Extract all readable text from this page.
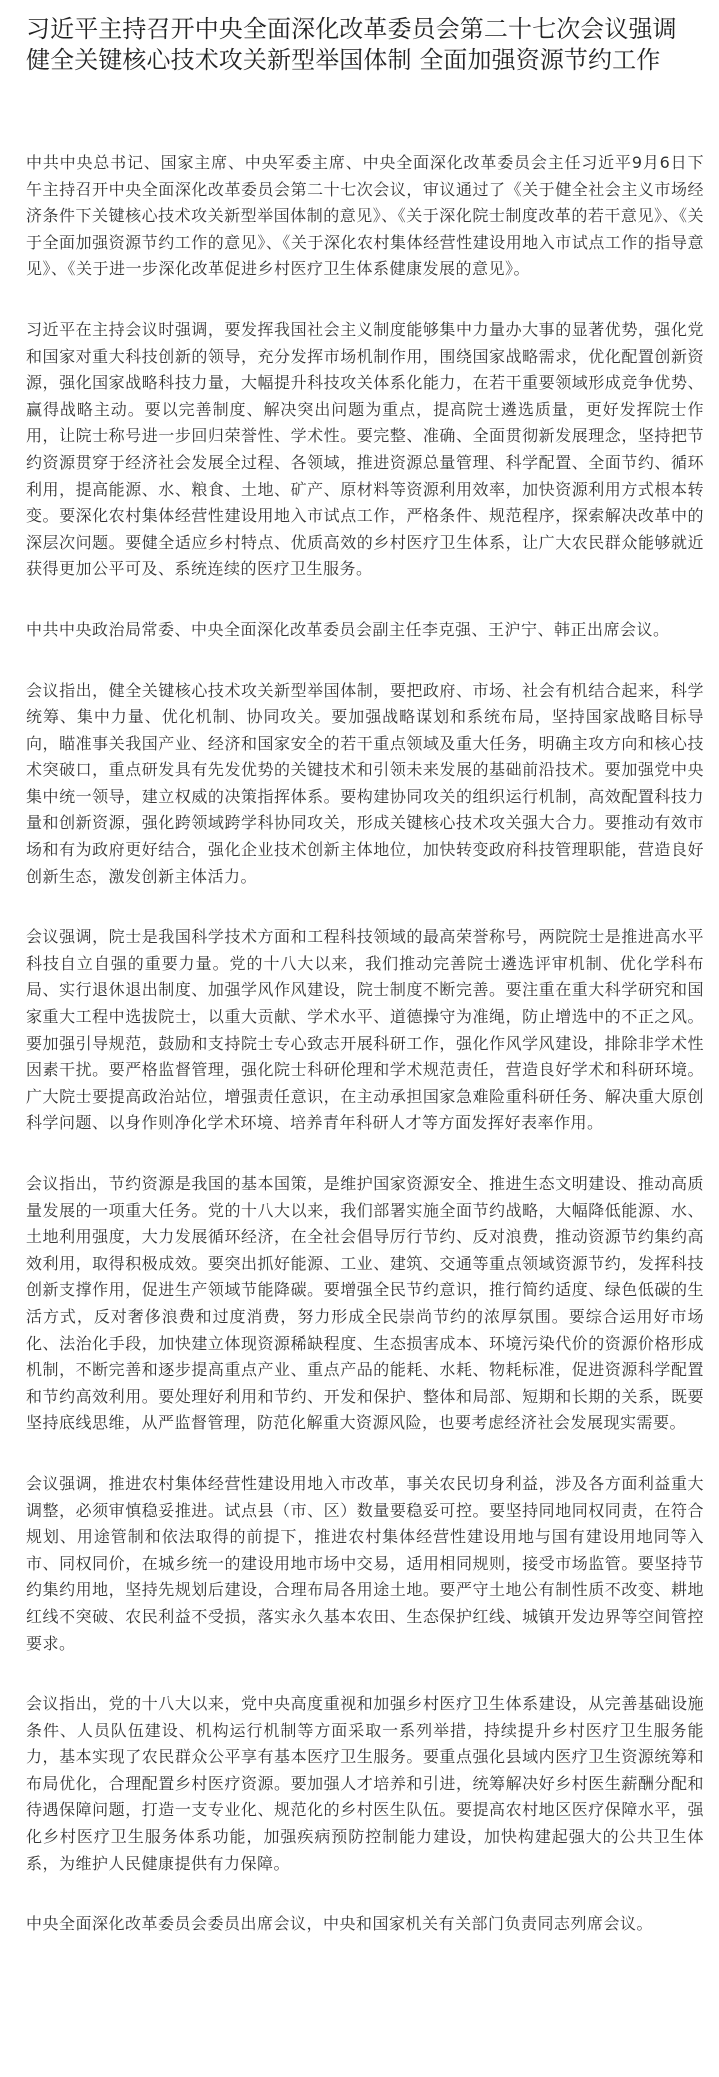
习近平主持召开中央全面深化改革委员会第二十七次会议强调 健全关键核心技术攻关新型举国体制 全面加强资源节约工作

中共中央总书记、国家主席、中央军委主席、中央全面深化改革委员会主任习近平9月6日下午主持召开中央全面深化改革委员会第二十七次会议，审议通过了《关于健全社会主义市场经济条件下关键核心技术攻关新型举国体制的意见》、《关于深化院士制度改革的若干意见》、《关于全面加强资源节约工作的意见》、《关于深化农村集体经营性建设用地入市试点工作的指导意见》、《关于进一步深化改革促进乡村医疗卫生体系健康发展的意见》。

习近平在主持会议时强调，要发挥我国社会主义制度能够集中力量办大事的显著优势，强化党和国家对重大科技创新的领导，充分发挥市场机制作用，围绕国家战略需求，优化配置创新资源，强化国家战略科技力量，大幅提升科技攻关体系化能力，在若干重要领域形成竞争优势、赢得战略主动。要以完善制度、解决突出问题为重点，提高院士遴选质量，更好发挥院士作用，让院士称号进一步回归荣誉性、学术性。要完整、准确、全面贯彻新发展理念，坚持把节约资源贯穿于经济社会发展全过程、各领域，推进资源总量管理、科学配置、全面节约、循环利用，提高能源、水、粮食、土地、矿产、原材料等资源利用效率，加快资源利用方式根本转变。要深化农村集体经营性建设用地入市试点工作，严格条件、规范程序，探索解决改革中的深层次问题。要健全适应乡村特点、优质高效的乡村医疗卫生体系，让广大农民群众能够就近获得更加公平可及、系统连续的医疗卫生服务。

中共中央政治局常委、中央全面深化改革委员会副主任李克强、王沪宁、韩正出席会议。

会议指出，健全关键核心技术攻关新型举国体制，要把政府、市场、社会有机结合起来，科学统筹、集中力量、优化机制、协同攻关。要加强战略谋划和系统布局，坚持国家战略目标导向，瞄准事关我国产业、经济和国家安全的若干重点领域及重大任务，明确主攻方向和核心技术突破口，重点研发具有先发优势的关键技术和引领未来发展的基础前沿技术。要加强党中央集中统一领导，建立权威的决策指挥体系。要构建协同攻关的组织运行机制，高效配置科技力量和创新资源，强化跨领域跨学科协同攻关，形成关键核心技术攻关强大合力。要推动有效市场和有为政府更好结合，强化企业技术创新主体地位，加快转变政府科技管理职能，营造良好创新生态，激发创新主体活力。

会议强调，院士是我国科学技术方面和工程科技领域的最高荣誉称号，两院院士是推进高水平科技自立自强的重要力量。党的十八大以来，我们推动完善院士遴选评审机制、优化学科布局、实行退休退出制度、加强学风作风建设，院士制度不断完善。要注重在重大科学研究和国家重大工程中选拔院士，以重大贡献、学术水平、道德操守为准绳，防止增选中的不正之风。要加强引导规范，鼓励和支持院士专心致志开展科研工作，强化作风学风建设，排除非学术性因素干扰。要严格监督管理，强化院士科研伦理和学术规范责任，营造良好学术和科研环境。广大院士要提高政治站位，增强责任意识，在主动承担国家急难险重科研任务、解决重大原创科学问题、以身作则净化学术环境、培养青年科研人才等方面发挥好表率作用。

会议指出，节约资源是我国的基本国策，是维护国家资源安全、推进生态文明建设、推动高质量发展的一项重大任务。党的十八大以来，我们部署实施全面节约战略，大幅降低能源、水、土地利用强度，大力发展循环经济，在全社会倡导厉行节约、反对浪费，推动资源节约集约高效利用，取得积极成效。要突出抓好能源、工业、建筑、交通等重点领域资源节约，发挥科技创新支撑作用，促进生产领域节能降碳。要增强全民节约意识，推行简约适度、绿色低碳的生活方式，反对奢侈浪费和过度消费，努力形成全民崇尚节约的浓厚氛围。要综合运用好市场化、法治化手段，加快建立体现资源稀缺程度、生态损害成本、环境污染代价的资源价格形成机制，不断完善和逐步提高重点产业、重点产品的能耗、水耗、物耗标准，促进资源科学配置和节约高效利用。要处理好利用和节约、开发和保护、整体和局部、短期和长期的关系，既要坚持底线思维，从严监督管理，防范化解重大资源风险，也要考虑经济社会发展现实需要。

会议强调，推进农村集体经营性建设用地入市改革，事关农民切身利益，涉及各方面利益重大调整，必须审慎稳妥推进。试点县（市、区）数量要稳妥可控。要坚持同地同权同责，在符合规划、用途管制和依法取得的前提下，推进农村集体经营性建设用地与国有建设用地同等入市、同权同价，在城乡统一的建设用地市场中交易，适用相同规则，接受市场监管。要坚持节约集约用地，坚持先规划后建设，合理布局各用途土地。要严守土地公有制性质不改变、耕地红线不突破、农民利益不受损，落实永久基本农田、生态保护红线、城镇开发边界等空间管控要求。

会议指出，党的十八大以来，党中央高度重视和加强乡村医疗卫生体系建设，从完善基础设施条件、人员队伍建设、机构运行机制等方面采取一系列举措，持续提升乡村医疗卫生服务能力，基本实现了农民群众公平享有基本医疗卫生服务。要重点强化县域内医疗卫生资源统筹和布局优化，合理配置乡村医疗资源。要加强人才培养和引进，统筹解决好乡村医生薪酬分配和待遇保障问题，打造一支专业化、规范化的乡村医生队伍。要提高农村地区医疗保障水平，强化乡村医疗卫生服务体系功能，加强疾病预防控制能力建设，加快构建起强大的公共卫生体系，为维护人民健康提供有力保障。

中央全面深化改革委员会委员出席会议，中央和国家机关有关部门负责同志列席会议。
